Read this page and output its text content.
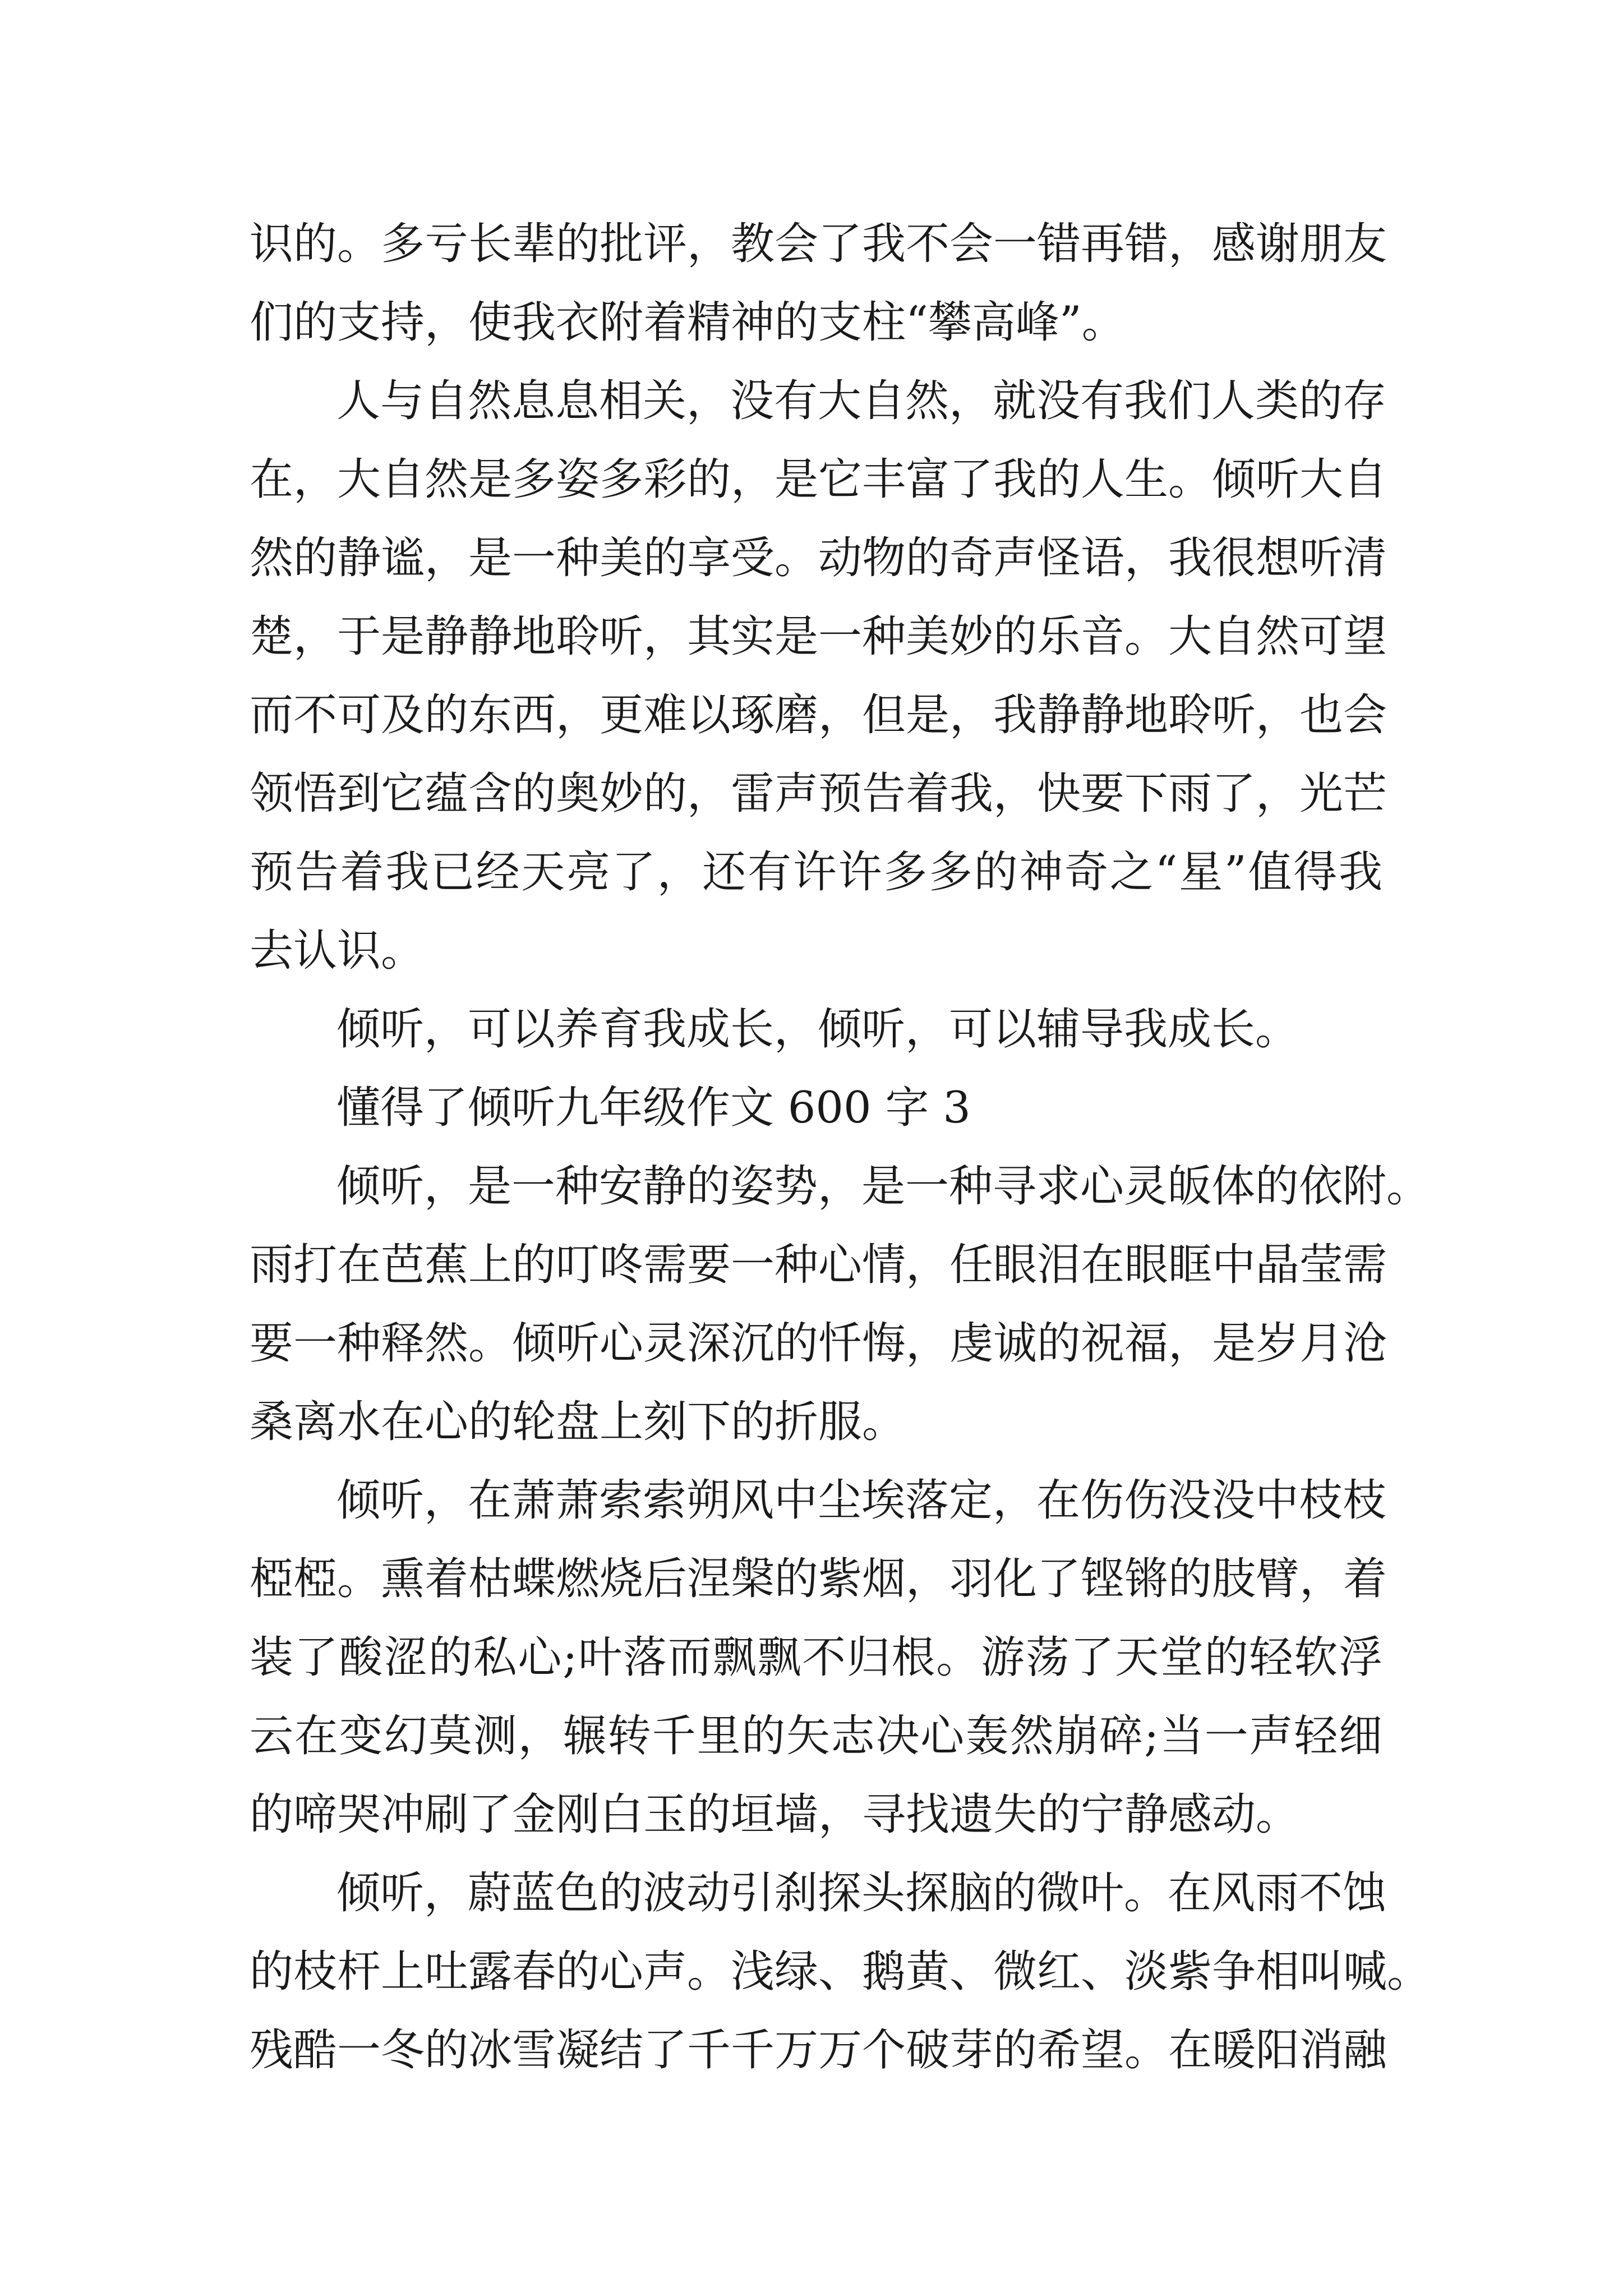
识的。多亏长辈的批评，教会了我不会一错再错，感谢朋友
们的支持，使我衣附着精神的支柱“攀高峰”。
人与自然息息相关，没有大自然，就没有我们人类的存
在，大自然是多姿多彩的，是它丰富了我的人生。倾听大自
然的静谧，是一种美的享受。动物的奇声怪语，我很想听清
楚，于是静静地聆听，其实是一种美妙的乐音。大自然可望
而不可及的东西，更难以琢磨，但是，我静静地聆听，也会
领悟到它蕴含的奥妙的，雷声预告着我，快要下雨了，光芒
预告着我已经天亮了，还有许许多多的神奇之“星”值得我
去认识。
倾听，可以养育我成长，倾听，可以辅导我成长。
懂得了倾听九年级作文 600 字 3
倾听，是一种安静的姿势，是一种寻求心灵皈体的依附。
雨打在芭蕉上的叮咚需要一种心情，任眼泪在眼眶中晶莹需
要一种释然。倾听心灵深沉的忏悔，虔诚的祝福，是岁月沧
桑离水在心的轮盘上刻下的折服。
倾听，在萧萧索索朔风中尘埃落定，在伤伤没没中枝枝
椏椏。熏着枯蝶燃烧后涅槃的紫烟，羽化了铿锵的肢臂，着
装了酸涩的私心;叶落而飘飘不归根。游荡了天堂的轻软浮
云在变幻莫测，辗转千里的矢志决心轰然崩碎;当一声轻细
的啼哭冲刷了金刚白玉的垣墙，寻找遗失的宁静感动。
倾听，蔚蓝色的波动引刹探头探脑的微叶。在风雨不蚀
的枝杆上吐露春的心声。浅绿、鹅黄、微红、淡紫争相叫喊。
残酷一冬的冰雪凝结了千千万万个破芽的希望。在暖阳消融
